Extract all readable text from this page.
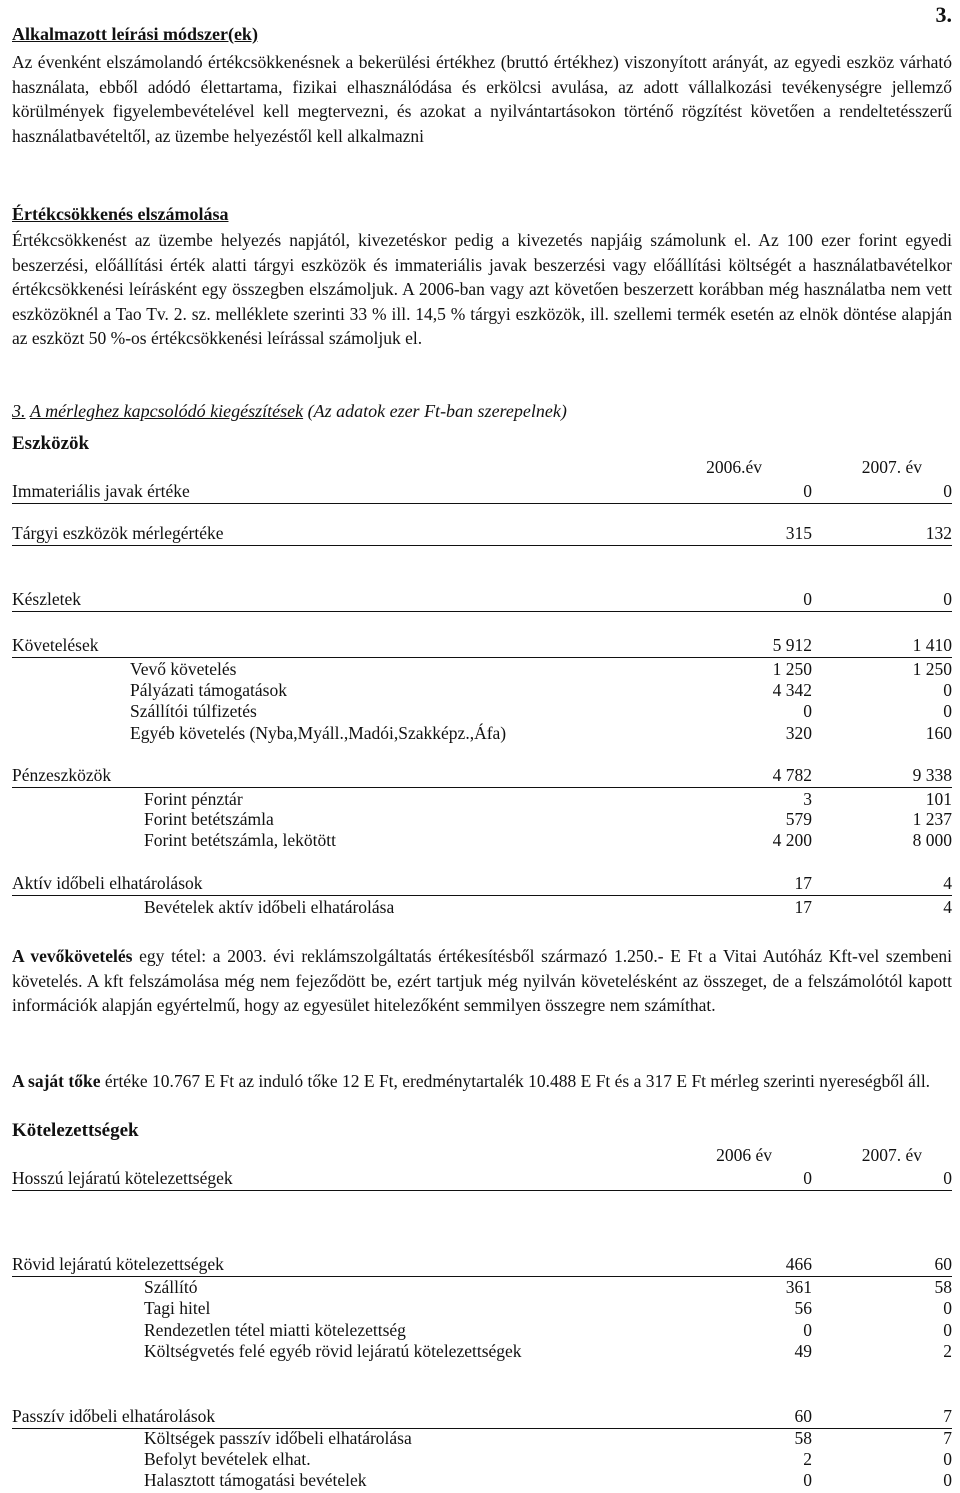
3.
Alkalmazott leírási módszer(ek)

Az évenként elszámolandó értékcsökkenésnek a bekerülési értékhez (bruttó értékhez) viszonyított arányát, az egyedi eszköz várható használata, ebből adódó élettartama, fizikai elhasználódása és erkölcsi avulása, az adott vállalkozási tevékenységre jellemző körülmények figyelembevételével kell megtervezni, és azokat a nyilvántartásokon történő rögzítést követően a rendeltetésszerű használatbavételtől, az üzembe helyezéstől kell alkalmazni

Értékcsökkenés elszámolása

Értékcsökkenést az üzembe helyezés napjától, kivezetéskor pedig a kivezetés napjáig számolunk el. Az 100 ezer forint egyedi beszerzési, előállítási érték alatti tárgyi eszközök és immateriális javak beszerzési vagy előállítási költségét a használatbavételkor értékcsökkenési leírásként egy összegben elszámoljuk. A 2006-ban vagy azt követően beszerzett korábban még használatba nem vett eszközöknél a Tao Tv. 2. sz. melléklete szerinti 33 % ill. 14,5 % tárgyi eszközök, ill. szellemi termék esetén az elnök döntése alapján az eszközt 50 %-os értékcsökkenési leírással számoljuk el.

3. A mérleghez kapcsolódó kiegészítések (Az adatok ezer Ft-ban szerepelnek)
Eszközök
2006.év	2007. év
Immateriális javak értéke	0	0
Tárgyi eszközök mérlegértéke	315	132
Készletek	0	0
Követelések	5 912	1 410
Vevő követelés	1 250	1 250
Pályázati támogatások	4 342	0
Szállítói túlfizetés	0	0
Egyéb követelés (Nyba,Myáll.,Madói,Szakképz.,Áfa)	320	160
Pénzeszközök	4 782	9 338
Forint pénztár	3	101
Forint betétszámla	579	1 237
Forint betétszámla, lekötött	4 200	8 000
Aktív időbeli elhatárolások	17	4
Bevételek aktív időbeli elhatárolása	17	4

A vevőkövetelés egy tétel: a 2003. évi reklámszolgáltatás értékesítésből származó 1.250.- E Ft a Vitai Autóház Kft-vel szembeni követelés. A kft felszámolása még nem fejeződött be, ezért tartjuk még nyilván követelésként az összeget, de a felszámolótól kapott információk alapján egyértelmű, hogy az egyesület hitelezőként semmilyen összegre nem számíthat.

A saját tőke értéke 10.767 E Ft az induló tőke 12 E Ft, eredménytartalék 10.488 E Ft és a 317 E Ft mérleg szerinti nyereségből áll.

Kötelezettségek
2006 év	2007. év
Hosszú lejáratú kötelezettségek	0	0
Rövid lejáratú kötelezettségek	466	60
Szállító	361	58
Tagi hitel	56	0
Rendezetlen tétel miatti kötelezettség	0	0
Költségvetés felé egyéb rövid lejáratú kötelezettségek	49	2
Passzív időbeli elhatárolások	60	7
Költségek passzív időbeli elhatárolása	58	7
Befolyt bevételek elhat.	2	0
Halasztott támogatási bevételek	0	0
